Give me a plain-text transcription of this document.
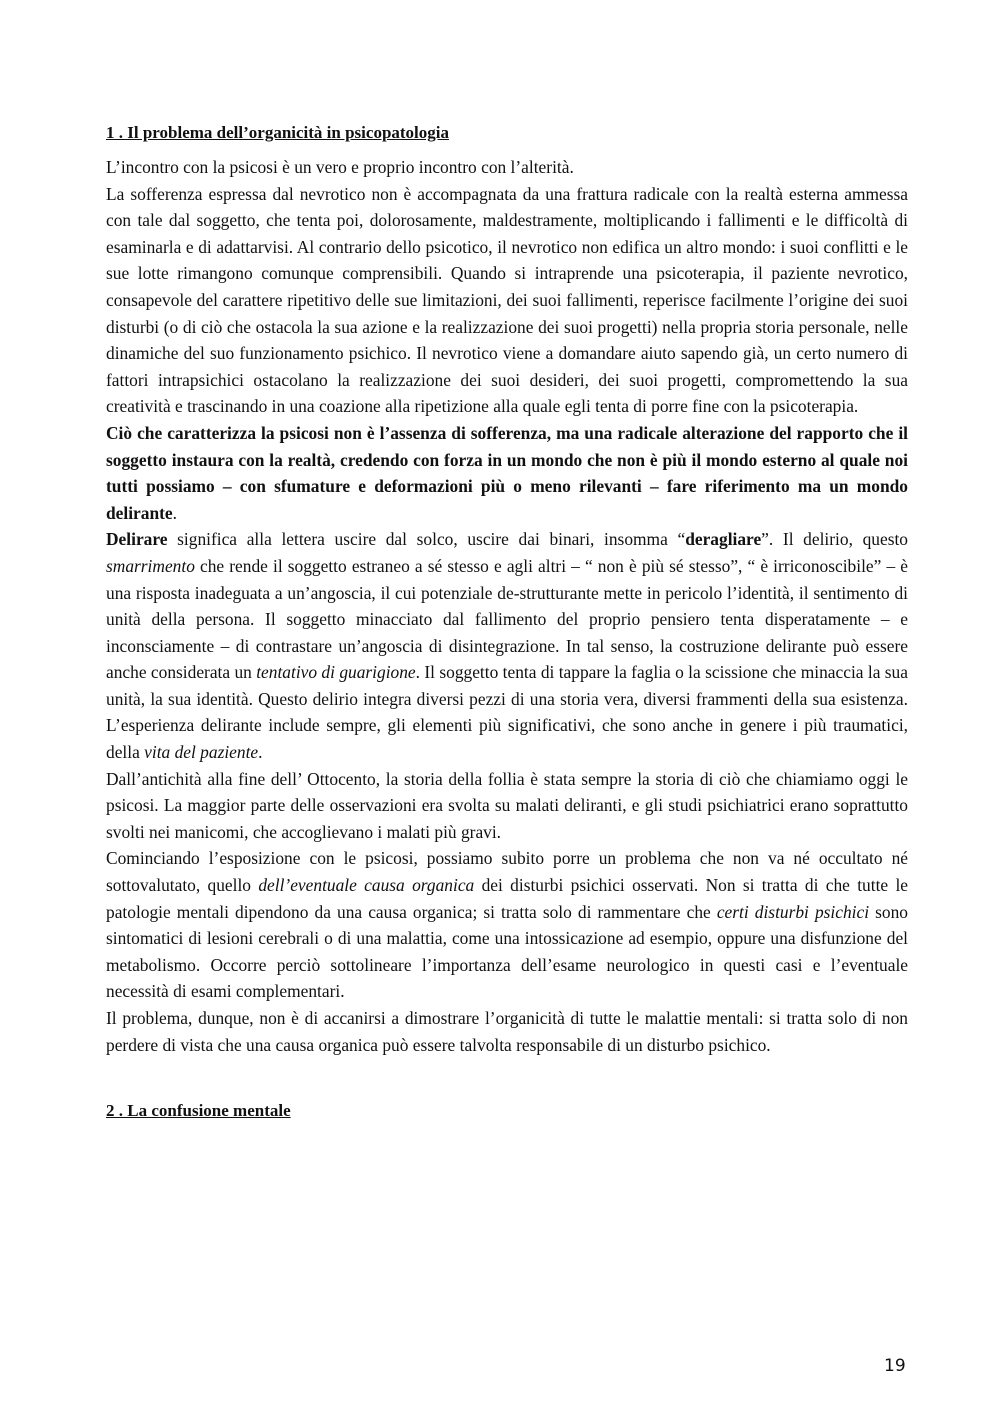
1 . Il problema dell’organicità in psicopatologia

L’incontro con la psicosi è un vero e proprio incontro con l’alterità.

La sofferenza espressa dal nevrotico non è accompagnata da una frattura radicale con la realtà esterna ammessa con tale dal soggetto, che tenta poi, dolorosamente, maldestramente, moltiplicando i fallimenti e le difficoltà di esaminarla e di adattarvisi. Al contrario dello psicotico, il nevrotico non edifica un altro mondo: i suoi conflitti e le sue lotte rimangono comunque comprensibili. Quando si intraprende una psicoterapia, il paziente nevrotico, consapevole del carattere ripetitivo delle sue limitazioni, dei suoi fallimenti, reperisce facilmente l’origine dei suoi disturbi (o di ciò che ostacola la sua azione e la realizzazione dei suoi progetti) nella propria storia personale, nelle dinamiche del suo funzionamento psichico. Il nevrotico viene a domandare aiuto sapendo già, un certo numero di fattori intrapsichici ostacolano la realizzazione dei suoi desideri, dei suoi progetti, compromettendo la sua creatività e trascinando in una coazione alla ripetizione alla quale egli tenta di porre fine con la psicoterapia.

Ciò che caratterizza la psicosi non è l’assenza di sofferenza, ma una radicale alterazione del rapporto che il soggetto instaura con la realtà, credendo con forza in un mondo che non è più il mondo esterno al quale noi tutti possiamo – con sfumature e deformazioni più o meno rilevanti – fare riferimento ma un mondo delirante.

Delirare significa alla lettera uscire dal solco, uscire dai binari, insomma “deragliare”. Il delirio, questo smarrimento che rende il soggetto estraneo a sé stesso e agli altri – “ non è più sé stesso”, “ è irriconoscibile” – è una risposta inadeguata a un’angoscia, il cui potenziale de-strutturante mette in pericolo l’identità, il sentimento di unità della persona. Il soggetto minacciato dal fallimento del proprio pensiero tenta disperatamente – e inconsciamente – di contrastare un’angoscia di disintegrazione. In tal senso, la costruzione delirante può essere anche considerata un tentativo di guarigione. Il soggetto tenta di tappare la faglia o la scissione che minaccia la sua unità, la sua identità. Questo delirio integra diversi pezzi di una storia vera, diversi frammenti della sua esistenza. L’esperienza delirante include sempre, gli elementi più significativi, che sono anche in genere i più traumatici, della vita del paziente.

Dall’antichità alla fine dell’ Ottocento, la storia della follia è stata sempre la storia di ciò che chiamiamo oggi le psicosi. La maggior parte delle osservazioni era svolta su malati deliranti, e gli studi psichiatrici erano soprattutto svolti nei manicomi, che accoglievano i malati più gravi.

Cominciando l’esposizione con le psicosi, possiamo subito porre un problema che non va né occultato né sottovalutato, quello dell’eventuale causa organica dei disturbi psichici osservati. Non si tratta di che tutte le patologie mentali dipendono da una causa organica; si tratta solo di rammentare che certi disturbi psichici sono sintomatici di lesioni cerebrali o di una malattia, come una intossicazione ad esempio, oppure una disfunzione del metabolismo. Occorre perciò sottolineare l’importanza dell’esame neurologico in questi casi e l’eventuale necessità di esami complementari.

Il problema, dunque, non è di accanirsi a dimostrare l’organicità di tutte le malattie mentali: si tratta solo di non perdere di vista che una causa organica può essere talvolta responsabile di un disturbo psichico.

2 . La confusione mentale
19
